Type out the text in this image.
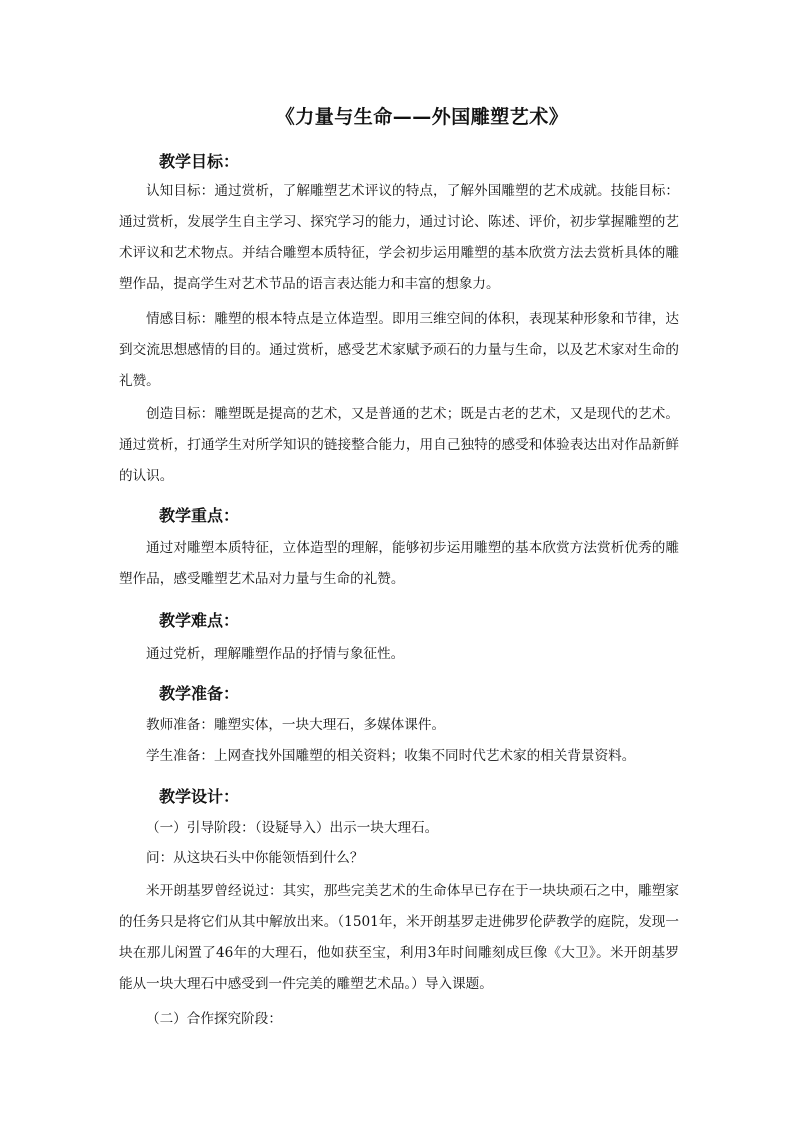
《力量与生命——外国雕塑艺术》
教学目标：

认知目标：通过赏析，了解雕塑艺术评议的特点，了解外国雕塑的艺术成就。技能目标：通过赏析，发展学生自主学习、探究学习的能力，通过讨论、陈述、评价，初步掌握雕塑的艺术评议和艺术物点。并结合雕塑本质特征，学会初步运用雕塑的基本欣赏方法去赏析具体的雕塑作品，提高学生对艺术节品的语言表达能力和丰富的想象力。

情感目标：雕塑的根本特点是立体造型。即用三维空间的体积，表现某种形象和节律，达到交流思想感情的目的。通过赏析，感受艺术家赋予顽石的力量与生命，以及艺术家对生命的礼赞。

创造目标：雕塑既是提高的艺术，又是普通的艺术；既是古老的艺术，又是现代的艺术。通过赏析，打通学生对所学知识的链接整合能力，用自己独特的感受和体验表达出对作品新鲜的认识。

教学重点：

通过对雕塑本质特征，立体造型的理解，能够初步运用雕塑的基本欣赏方法赏析优秀的雕塑作品，感受雕塑艺术品对力量与生命的礼赞。

教学难点：

通过党析，理解雕塑作品的抒情与象征性。

教学准备：

教师准备：雕塑实体，一块大理石，多媒体课件。

学生准备：上网查找外国雕塑的相关资料；收集不同时代艺术家的相关背景资料。

教学设计：

（一）引导阶段：（设疑导入）出示一块大理石。

问：从这块石头中你能领悟到什么？

米开朗基罗曾经说过：其实，那些完美艺术的生命体早已存在于一块块顽石之中，雕塑家的任务只是将它们从其中解放出来。（1501年，米开朗基罗走进佛罗伦萨教学的庭院，发现一块在那儿闲置了46年的大理石，他如获至宝，利用3年时间雕刻成巨像《大卫》。米开朗基罗能从一块大理石中感受到一件完美的雕塑艺术品。）导入课题。

（二）合作探究阶段：
